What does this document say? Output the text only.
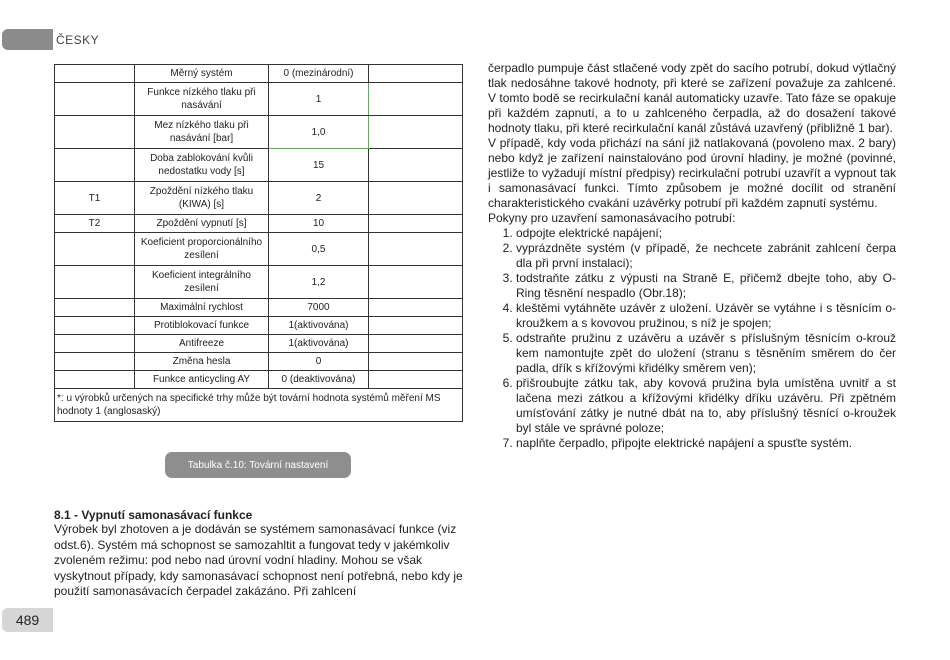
ČESKY
	Měrný systém	0 (mezinárodní)	
	Funkce nízkého tlaku při nasávání	1	
	Mez nízkého tlaku při nasávání [bar]	1,0	
	Doba zablokování kvůli nedostatku vody [s]	15	
T1	Zpoždění nízkého tlaku (KIWA) [s]	2	
T2	Zpoždění vypnutí [s]	10	
	Koeficient proporcionálního zesílení	0,5	
	Koeficient integrálního zesílení	1,2	
	Maximální rychlost	7000	
	Protiblokovací funkce	1(aktivována)	
	Antifreeze	1(aktivována)	
	Změna hesla	0	
	Funkce anticycling AY	0 (deaktivována)	
*: u výrobků určených na specifické trhy může být tovární hodnota systémů měření MS hodnoty 1 (anglosaský)			
Tabulka č.10: Tovární nastavení
8.1 - Vypnutí samonasávací funkce

Výrobek byl zhotoven a je dodáván se systémem samonasávací funkce (viz odst.6). Systém má schopnost se samozahltit a fungovat tedy v jakémkoliv zvoleném režimu: pod nebo nad úrovní vodní hladiny. Mohou se však vyskytnout případy, kdy samonasávací schopnost není potřebná, nebo kdy je použití samonasávacích čerpadel zakázáno. Při zahlcení

čerpadlo pumpuje část stlačené vody zpět do sacího potrubí, dokud výtlačný tlak nedosáhne takové hodnoty, při které se zařízení považuje za zahlcené. V tomto bodě se recirkulační kanál automaticky uzavře. Tato fáze se opakuje při každém zapnutí, a to u zahlceného čerpadla, až do dosažení takové hodnoty tlaku, při které recirkulační kanál zůstává uzavřený (přibližně 1 bar).

V případě, kdy voda přichází na sání již natlakovaná (povoleno max. 2 bary) nebo když je zařízení nainstalováno pod úrovní hladiny, je možné (povinné, jestliže to vyžadují místní předpisy) recirkulační potrubí uzavřít a vypnout tak i samonasávací funkci. Tímto způsobem je možné docílit od stranění charakteristického cvakání uzávěrky potrubí při každém zapnutí systému.

Pokyny pro uzavření samonasávacího potrubí:

1. odpojte elektrické napájení;
2. vyprázdněte systém (v případě, že nechcete zabránit zahlcení čerpa dla při první instalaci);
3. todstraňte zátku z výpusti na Straně E, přičemž dbejte toho, aby O-Ring těsnění nespadlo (Obr.18);
4. kleštěmi vytáhněte uzávěr z uložení. Uzávěr se vytáhne i s těsnícím o-kroužkem a s kovovou pružinou, s níž je spojen;
5. odstraňte pružinu z uzávěru a uzávěr s příslušným těsnícím o-krouž kem namontujte zpět do uložení (stranu s těsněním směrem do čer padla, dřík s křížovými křidélky směrem ven);
6. přišroubujte zátku tak, aby kovová pružina byla umístěna uvnitř a st lačena mezi zátkou a křížovými křidélky dříku uzávěru. Při zpětném umísťování zátky je nutné dbát na to, aby příslušný těsnící o-kroužek byl stále ve správné poloze;
7. naplňte čerpadlo, připojte elektrické napájení a spusťte systém.
489
